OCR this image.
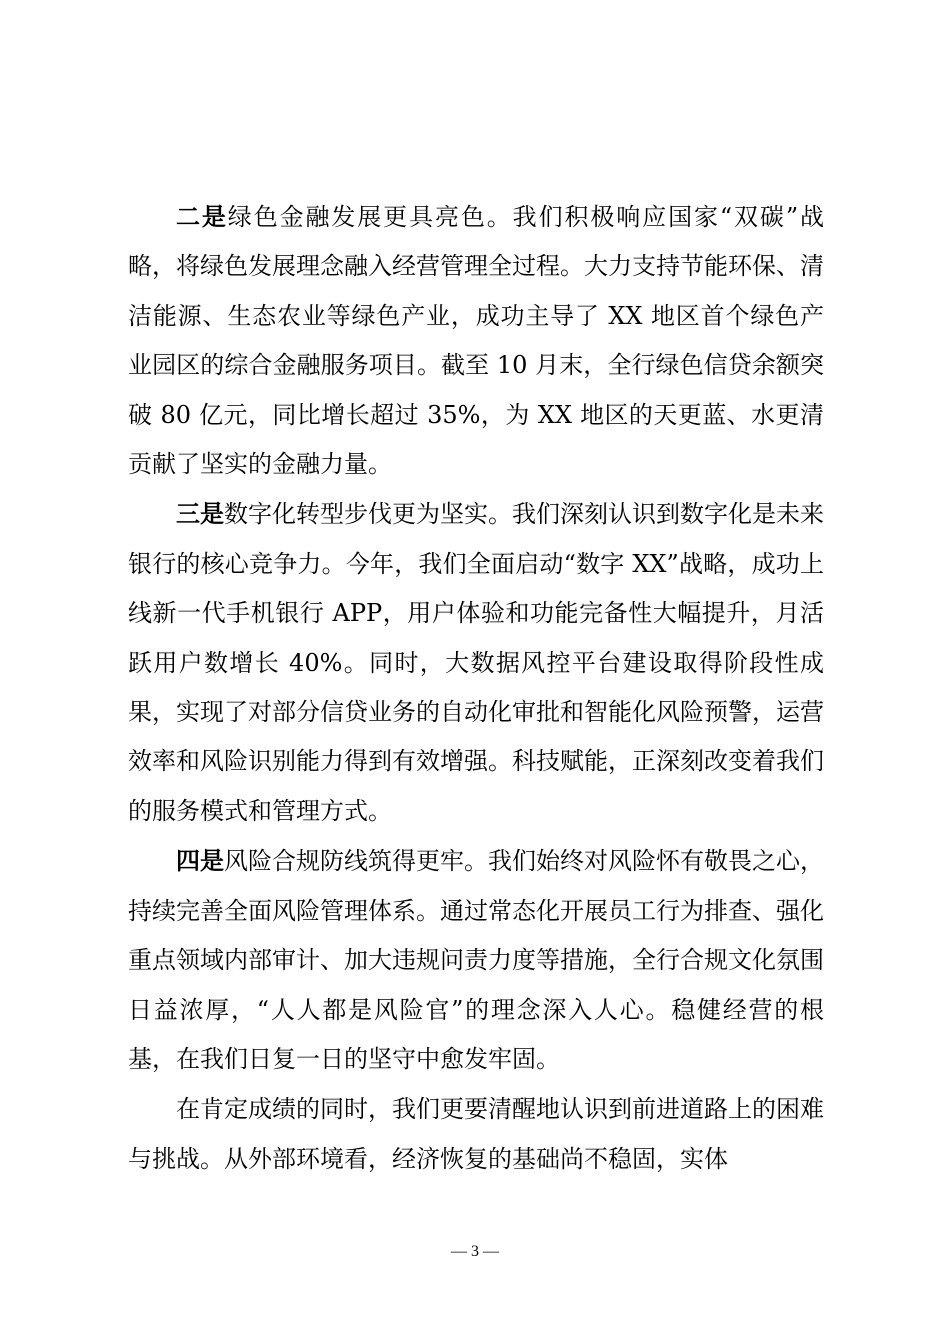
二是绿色金融发展更具亮色。我们积极响应国家“双碳”战略，将绿色发展理念融入经营管理全过程。大力支持节能环保、清洁能源、生态农业等绿色产业，成功主导了 XX 地区首个绿色产业园区的综合金融服务项目。截至 10 月末，全行绿色信贷余额突破 80 亿元，同比增长超过 35%，为 XX 地区的天更蓝、水更清贡献了坚实的金融力量。

三是数字化转型步伐更为坚实。我们深刻认识到数字化是未来银行的核心竞争力。今年，我们全面启动“数字 XX”战略，成功上线新一代手机银行 APP，用户体验和功能完备性大幅提升，月活跃用户数增长 40%。同时，大数据风控平台建设取得阶段性成果，实现了对部分信贷业务的自动化审批和智能化风险预警，运营效率和风险识别能力得到有效增强。科技赋能，正深刻改变着我们的服务模式和管理方式。

四是风险合规防线筑得更牢。我们始终对风险怀有敬畏之心，持续完善全面风险管理体系。通过常态化开展员工行为排查、强化重点领域内部审计、加大违规问责力度等措施，全行合规文化氛围日益浓厚，“人人都是风险官”的理念深入人心。稳健经营的根基，在我们日复一日的坚守中愈发牢固。

在肯定成绩的同时，我们更要清醒地认识到前进道路上的困难与挑战。从外部环境看，经济恢复的基础尚不稳固，实体

— 3 —
